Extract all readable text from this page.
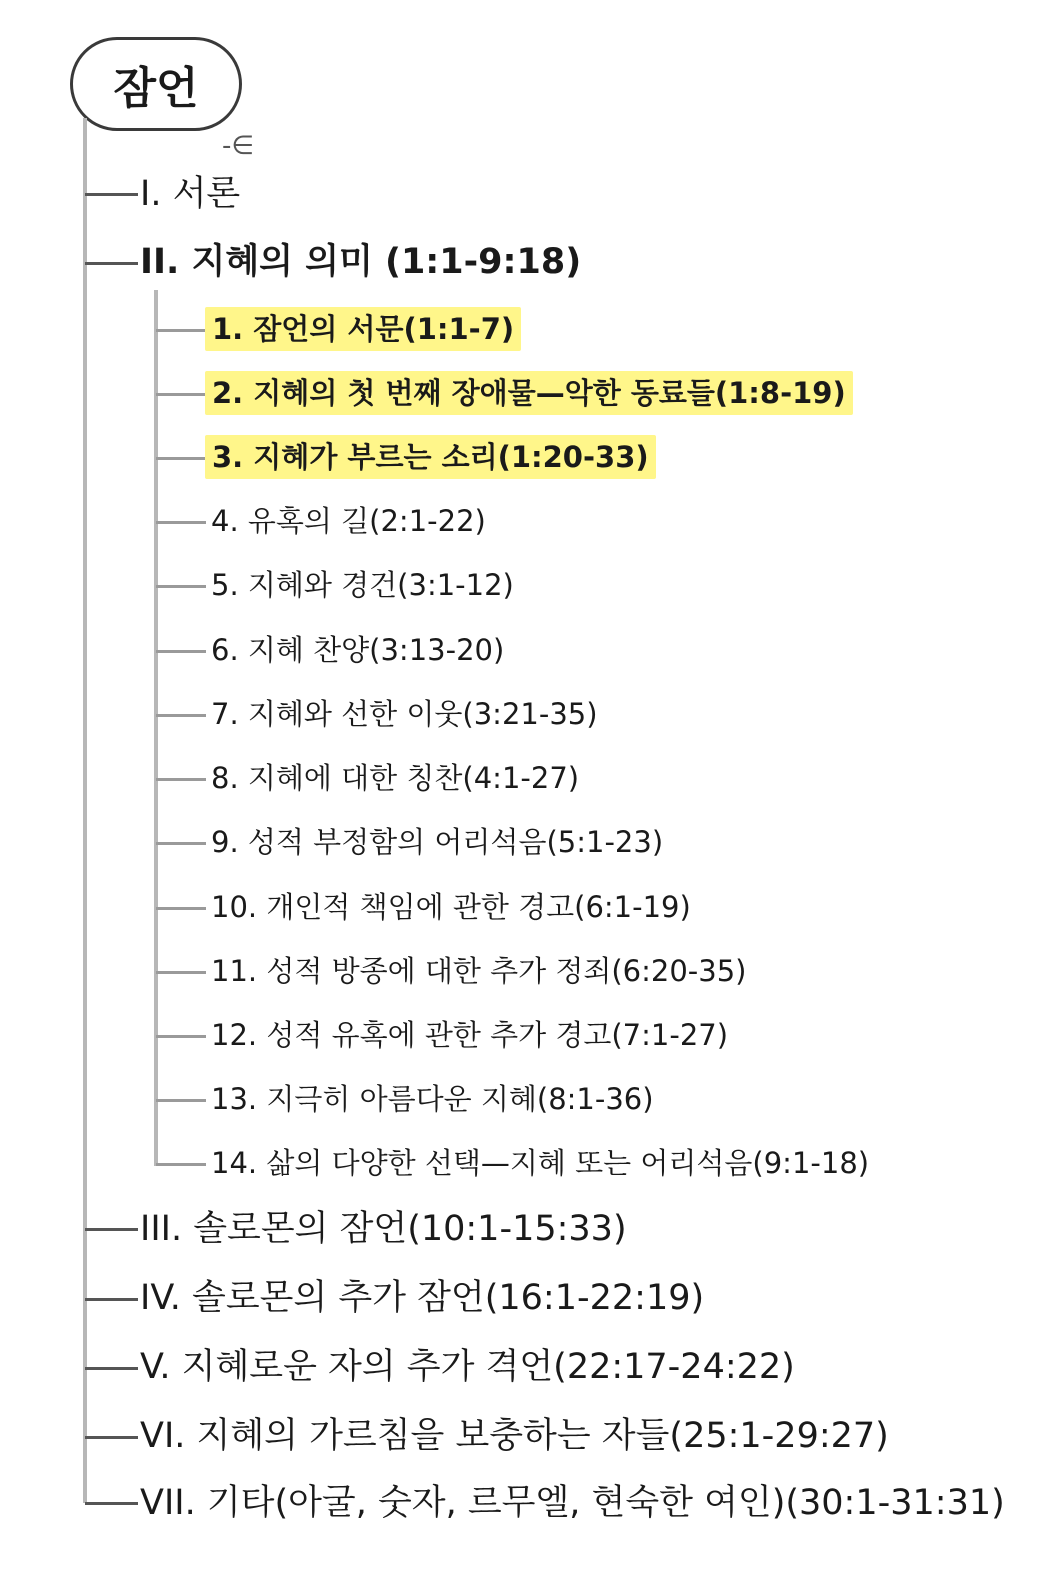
잠언
-∈
I. 서론
II. 지혜의 의미 (1:1-9:18)
III. 솔로몬의 잠언(10:1-15:33)
IV. 솔로몬의 추가 잠언(16:1-22:19)
V. 지혜로운 자의 추가 격언(22:17-24:22)
VI. 지혜의 가르침을 보충하는 자들(25:1-29:27)
VII. 기타(아굴, 숫자, 르무엘, 현숙한 여인)(30:1-31:31)
1. 잠언의 서문(1:1-7)
2. 지혜의 첫 번째 장애물—악한 동료들(1:8-19)
3. 지혜가 부르는 소리(1:20-33)
4. 유혹의 길(2:1-22)
5. 지혜와 경건(3:1-12)
6. 지혜 찬양(3:13-20)
7. 지혜와 선한 이웃(3:21-35)
8. 지혜에 대한 칭찬(4:1-27)
9. 성적 부정함의 어리석음(5:1-23)
10. 개인적 책임에 관한 경고(6:1-19)
11. 성적 방종에 대한 추가 정죄(6:20-35)
12. 성적 유혹에 관한 추가 경고(7:1-27)
13. 지극히 아름다운 지혜(8:1-36)
14. 삶의 다양한 선택—지혜 또는 어리석음(9:1-18)
